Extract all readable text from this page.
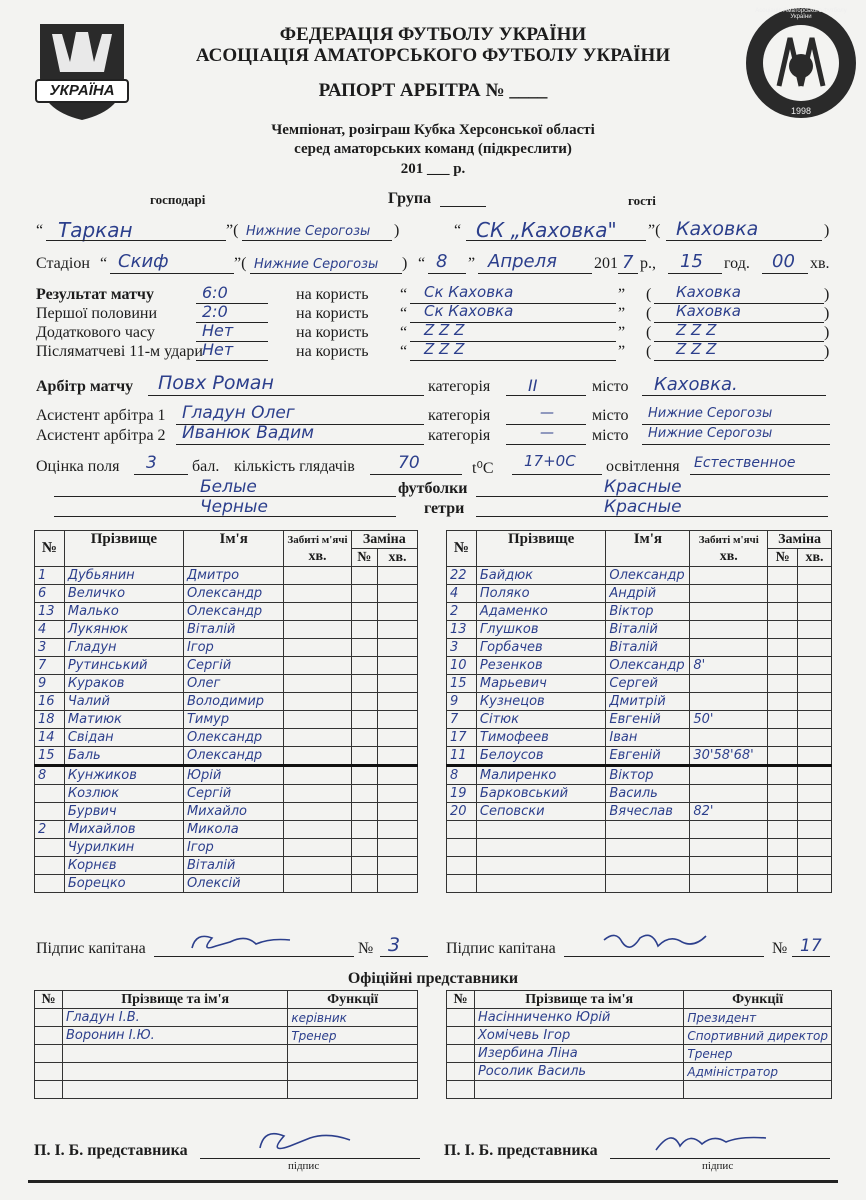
УКРАЇНА
Асоціація Аматорського Футболу України
1998
ФЕДЕРАЦІЯ ФУТБОЛУ УКРАЇНИ
АСОЦІАЦІЯ АМАТОРСЬКОГО ФУТБОЛУ УКРАЇНИ
РАПОРТ АРБІТРА № ____
Чемпіонат, розіграш Кубка Херсонської області
серед аматорських команд (підкреслити)
201 ___ р.
господарі	Група	гості
“ Таркан	”( Нижние Серогозы )	“ СК „Каховка" ”( Каховка	)
Стадіон “ Скиф	”( Нижние Серогозы ) “ 8 ” Апреля 201 7 р., 15 год. 00 хв.
Результат матчу	6:0	на користь “ Ск Каховка	” ( Каховка	)
Першої половини	2:0	на користь “ Ск Каховка	” ( Каховка	)
Додаткового часу	Нет	на користь “ Z Z Z	” ( Z Z Z	)
Післяматчеві 11-м удари Нет	на користь “ Z Z Z	” ( Z Z Z	)
Арбітр матчу Повх Роман	категорія II	місто Каховка.
Асистент арбітра 1 Гладун Олег	категорія	— місто Нижние Серогозы
Асистент арбітра 2 Иванюк Вадим	категорія	— місто Нижние Серогозы
Оцінка поля 3 бал. кількість глядачів	70	t⁰С 17+0С освітлення Естественное
Белые	футболки	Красные
Черные	гетри	Красные
№	Прізвище	Ім'я	Забиті м'ячі	Заміна	
			хв.	№	хв.
1	Дубьянин	Дмитро			
6	Величко	Олександр			
13	Малько	Олександр			
4	Лукянюк	Віталій			
3	Гладун	Ігор			
7	Рутинський	Сергій			
9	Кураков	Олег			
16	Чалий	Володимир			
18	Матиюк	Тимур			
14	Свідан	Олександр			
15	Баль	Олександр			
8	Кунжиков	Юрій			
	Козлюк	Сергій			
	Бурвич	Михайло			
2	Михайлов	Микола			
	Чурилкин	Ігор			
	Корнєв	Віталій			
	Борецко	Олексій			
№	Прізвище	Ім'я	Забиті м'ячі	Заміна	
			хв.	№	хв.
22	Байдюк	Олександр			
4	Поляко	Андрій			
2	Адаменко	Віктор			
13	Глушков	Віталій			
3	Горбачев	Віталій			
10	Резенков	Олександр	8'		
15	Марьевич	Сергей			
9	Кузнецов	Дмитрій			
7	Сітюк	Евгеній	50'		
17	Тимофеев	Іван			
11	Белоусов	Евгеній	30'58'68'		
8	Малиренко	Віктор			
19	Барковський	Василь			
20	Сеповски	Вячеслав	82'		

Підпис капітана	№ 3	Підпис капітана	№ 17
Офіційні представники
№	Прізвище та ім'я	Функції
	Гладун І.В.	керівник
	Воронин І.Ю.	Тренер

№	Прізвище та ім'я	Функції
	Насінниченко Юрій	Президент
	Хомічевь Ігор	Спортивний директор
	Изербина Ліна	Тренер
	Росолик Василь	Адміністратор

П. І. Б. представника
підпис
П. І. Б. представника
підпис
